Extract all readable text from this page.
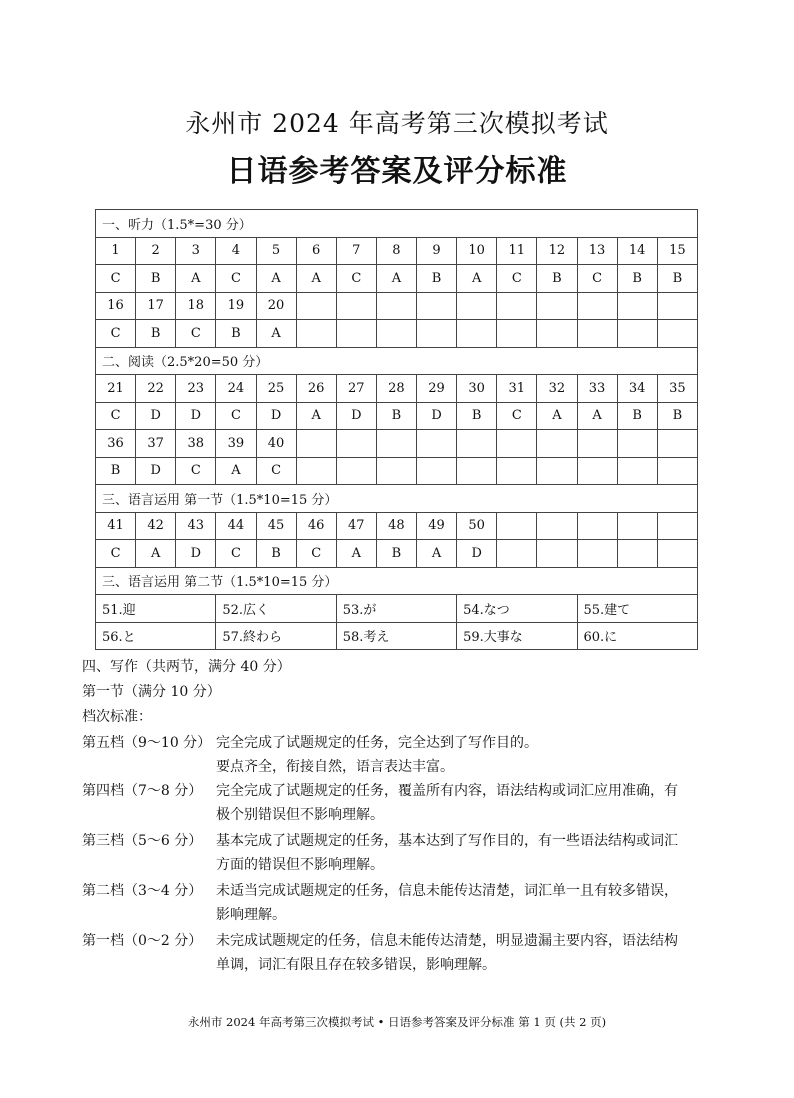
永州市 2024 年高考第三次模拟考试
日语参考答案及评分标准
一、听力（1.5*=30 分）														
1	2	3	4	5	6	7	8	9	10	11	12	13	14	15
C	B	A	C	A	A	C	A	B	A	C	B	C	B	B
16	17	18	19	20										
C	B	C	B	A										
二、阅读（2.5*20=50 分）														
21	22	23	24	25	26	27	28	29	30	31	32	33	34	35
C	D	D	C	D	A	D	B	D	B	C	A	A	B	B
36	37	38	39	40										
B	D	C	A	C										
三、语言运用 第一节（1.5*10=15 分）														
41	42	43	44	45	46	47	48	49	50					
C	A	D	C	B	C	A	B	A	D					
三、语言运用 第二节（1.5*10=15 分）														
51.迎			52.広く			53.が			54.なつ			55.建て		
56.と			57.終わら			58.考え			59.大事な			60.に		
四、写作（共两节，满分 40 分）
第一节（满分 10 分）
档次标准：
第五档（9～10 分） 完全完成了试题规定的任务，完全达到了写作目的。
要点齐全，衔接自然，语言表达丰富。
第四档（7～8 分） 完全完成了试题规定的任务，覆盖所有内容，语法结构或词汇应用准确，有
极个别错误但不影响理解。
第三档（5～6 分） 基本完成了试题规定的任务，基本达到了写作目的，有一些语法结构或词汇
方面的错误但不影响理解。
第二档（3～4 分） 未适当完成试题规定的任务，信息未能传达清楚，词汇单一且有较多错误，
影响理解。
第一档（0～2 分） 未完成试题规定的任务，信息未能传达清楚，明显遗漏主要内容，语法结构
单调，词汇有限且存在较多错误，影响理解。
永州市 2024 年高考第三次模拟考试 • 日语参考答案及评分标准 第 1 页 (共 2 页)
